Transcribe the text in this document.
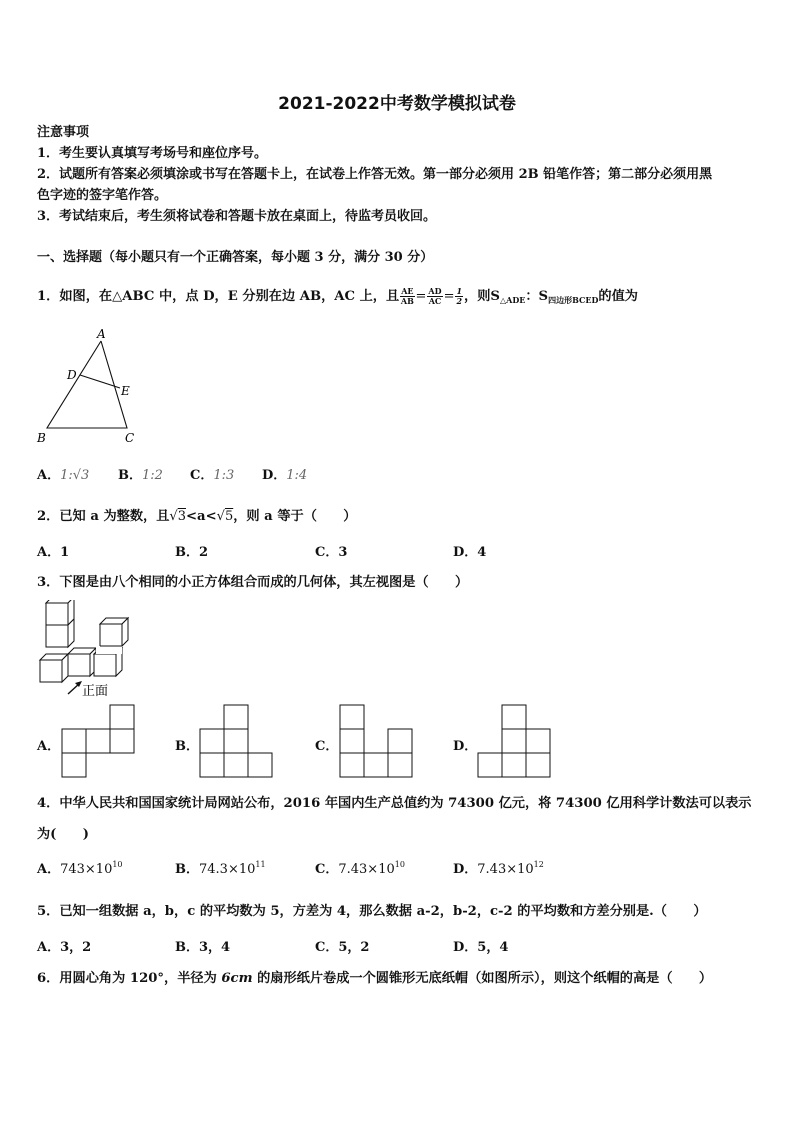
2021-2022中考数学模拟试卷
注意事项
1．考生要认真填写考场号和座位序号。
2．试题所有答案必须填涂或书写在答题卡上，在试卷上作答无效。第一部分必须用 2B 铅笔作答；第二部分必须用黑
色字迹的签字笔作答。
3．考试结束后，考生须将试卷和答题卡放在桌面上，待监考员收回。
一、选择题（每小题只有一个正确答案，每小题 3 分，满分 30 分）
1．如图，在△ABC 中，点 D，E 分别在边 AB，AC 上，且 $\frac{AE}{AB} = \frac{AD}{AC} = \frac{1}{2}$ ，则$S_{\triangle ADE}$：$S_{四边形BCED}$的值为
A
D
E
B	C
A．1:√3 B．1:2 C．1:3 D．1:4
2．已知 a 为整数，且√3<a<√5，则 a 等于（　　）
A．1	B．2	C．3	D．4
3．下图是由八个相同的小正方体组合而成的几何体，其左视图是（　　）
正面
A．	B．	C．	D．
4．中华人民共和国国家统计局网站公布，2016 年国内生产总值约为 74300 亿元，将 74300 亿用科学计数法可以表示
为(　　)
A．$743\times 10^{10}$	B．$74.3\times 10^{11}$	C．$7.43\times 10^{10}$	D．$7.43\times 10^{12}$
5．已知一组数据 a，b，c 的平均数为 5，方差为 4，那么数据 a-2，b-2，c-2 的平均数和方差分别是.（　　）
A．3，2	B．3，4	C．5，2	D．5，4
6．用圆心角为 120°，半径为 6cm 的扇形纸片卷成一个圆锥形无底纸帽（如图所示），则这个纸帽的高是（　　）
